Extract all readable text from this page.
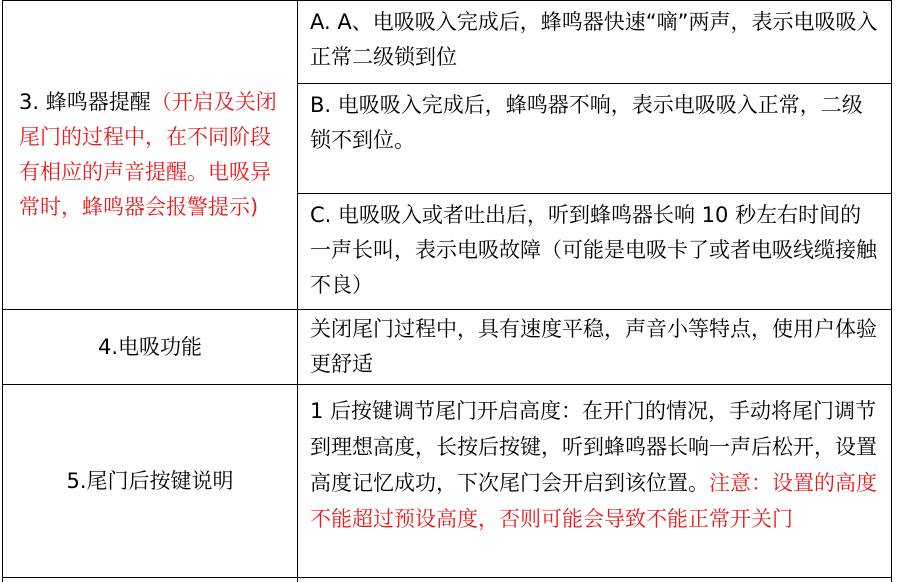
3. 蜂鸣器提醒（开启及关闭尾门的过程中，在不同阶段有相应的声音提醒。电吸异常时，蜂鸣器会报警提示)
A. A、电吸吸入完成后，蜂鸣器快速“嘀”两声，表示电吸吸入正常二级锁到位
B. 电吸吸入完成后，蜂鸣器不响，表示电吸吸入正常，二级锁不到位。
C. 电吸吸入或者吐出后，听到蜂鸣器长响 10 秒左右时间的一声长叫，表示电吸故障（可能是电吸卡了或者电吸线缆接触不良）
4.电吸功能
关闭尾门过程中，具有速度平稳，声音小等特点，使用户体验更舒适
5.尾门后按键说明
1 后按键调节尾门开启高度：在开门的情况，手动将尾门调节到理想高度，长按后按键，听到蜂鸣器长响一声后松开，设置高度记忆成功，下次尾门会开启到该位置。注意：设置的高度不能超过预设高度，否则可能会导致不能正常开关门
